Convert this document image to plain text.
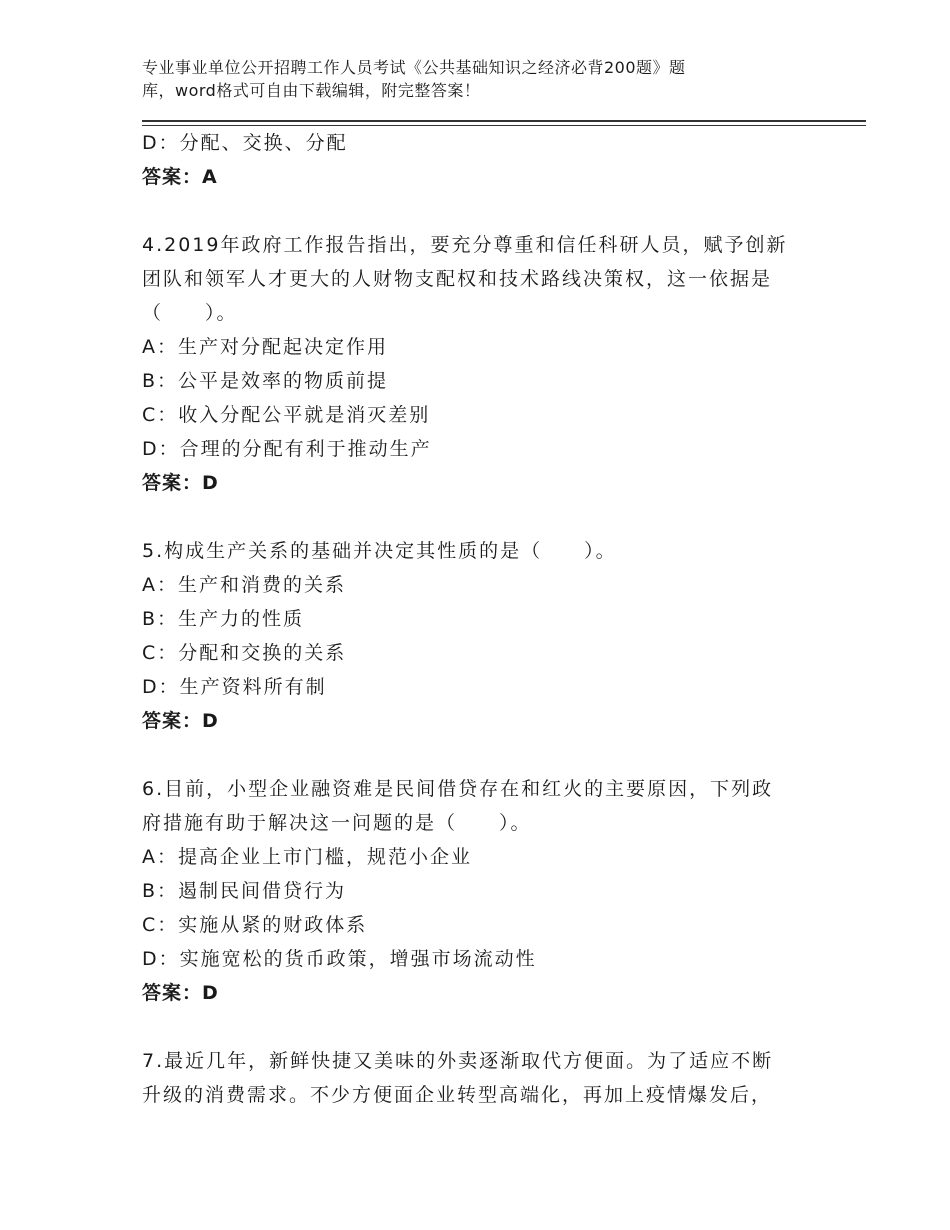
专业事业单位公开招聘工作人员考试《公共基础知识之经济必背200题》题
库，word格式可自由下载编辑，附完整答案！
D：分配、交换、分配
答案：A
4.2019年政府工作报告指出，要充分尊重和信任科研人员，赋予创新
团队和领军人才更大的人财物支配权和技术路线决策权，这一依据是
（　　）。
A：生产对分配起决定作用
B：公平是效率的物质前提
C：收入分配公平就是消灭差别
D：合理的分配有利于推动生产
答案：D
5.构成生产关系的基础并决定其性质的是（　　）。
A：生产和消费的关系
B：生产力的性质
C：分配和交换的关系
D：生产资料所有制
答案：D
6.目前，小型企业融资难是民间借贷存在和红火的主要原因，下列政
府措施有助于解决这一问题的是（　　）。
A：提高企业上市门槛，规范小企业
B：遏制民间借贷行为
C：实施从紧的财政体系
D：实施宽松的货币政策，增强市场流动性
答案：D
7.最近几年，新鲜快捷又美味的外卖逐渐取代方便面。为了适应不断
升级的消费需求。不少方便面企业转型高端化，再加上疫情爆发后，
